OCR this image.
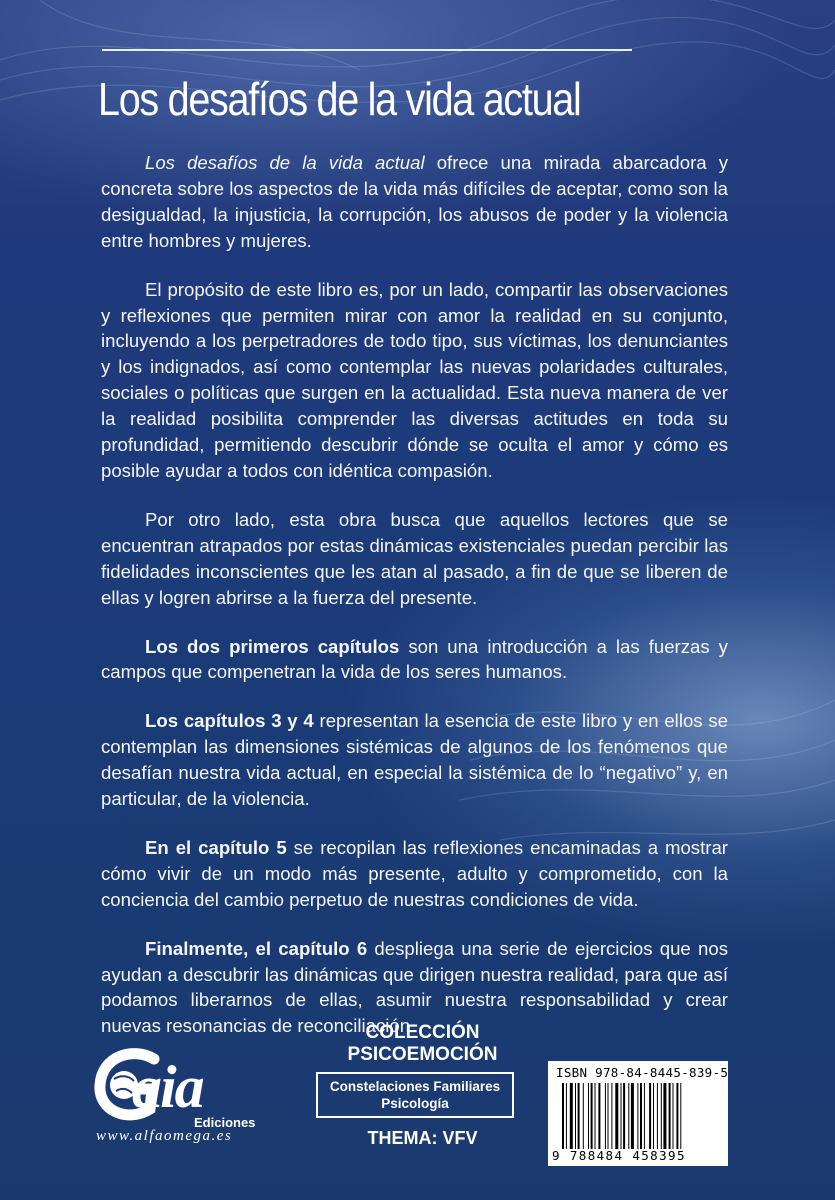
Los desafíos de la vida actual

Los desafíos de la vida actual ofrece una mirada abarcadora y concreta sobre los aspectos de la vida más difíciles de aceptar, como son la desigualdad, la injusticia, la corrupción, los abusos de poder y la violencia entre hombres y mujeres.

El propósito de este libro es, por un lado, compartir las observaciones y reflexiones que permiten mirar con amor la realidad en su conjunto, incluyendo a los perpetradores de todo tipo, sus víctimas, los denunciantes y los indignados, así como contemplar las nuevas polaridades culturales, sociales o políticas que surgen en la actualidad. Esta nueva manera de ver la realidad posibilita comprender las diversas actitudes en toda su profundidad, permitiendo descubrir dónde se oculta el amor y cómo es posible ayudar a todos con idéntica compasión.

Por otro lado, esta obra busca que aquellos lectores que se encuentran atrapados por estas dinámicas existenciales puedan percibir las fidelidades inconscientes que les atan al pasado, a fin de que se liberen de ellas y logren abrirse a la fuerza del presente.

Los dos primeros capítulos son una introducción a las fuerzas y campos que compenetran la vida de los seres humanos.

Los capítulos 3 y 4 representan la esencia de este libro y en ellos se contemplan las dimensiones sistémicas de algunos de los fenómenos que desafían nuestra vida actual, en especial la sistémica de lo “negativo” y, en particular, de la violencia.

En el capítulo 5 se recopilan las reflexiones encaminadas a mostrar cómo vivir de un modo más presente, adulto y comprometido, con la conciencia del cambio perpetuo de nuestras condiciones de vida.

Finalmente, el capítulo 6 despliega una serie de ejercicios que nos ayudan a descubrir las dinámicas que dirigen nuestra realidad, para que así podamos liberarnos de ellas, asumir nuestra responsabilidad y crear nuevas resonancias de reconciliación.

aia
Ediciones
www.alfaomega.es
COLECCIÓN
PSICOEMOCIÓN
Constelaciones Familiares
Psicología
THEMA: VFV
ISBN 978-84-8445-839-5
9 788484 458395
